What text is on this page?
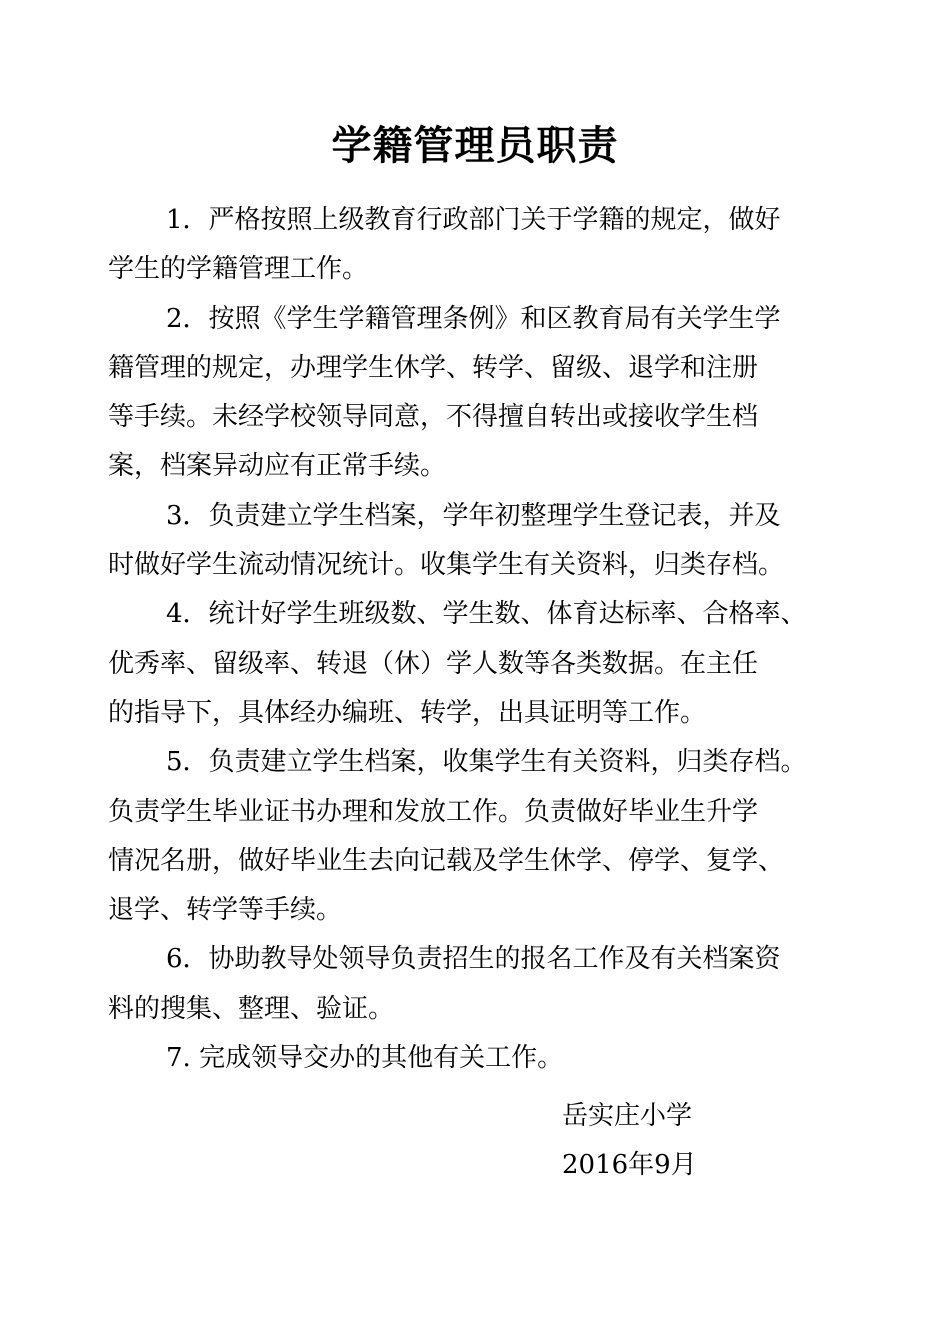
学籍管理员职责

1．严格按照上级教育行政部门关于学籍的规定，做好
学生的学籍管理工作。

2．按照《学生学籍管理条例》和区教育局有关学生学
籍管理的规定，办理学生休学、转学、留级、退学和注册
等手续。未经学校领导同意，不得擅自转出或接收学生档
案，档案异动应有正常手续。

3．负责建立学生档案，学年初整理学生登记表，并及
时做好学生流动情况统计。收集学生有关资料，归类存档。

4．统计好学生班级数、学生数、体育达标率、合格率、
优秀率、留级率、转退（休）学人数等各类数据。在主任
的指导下，具体经办编班、转学，出具证明等工作。

5．负责建立学生档案，收集学生有关资料，归类存档。
负责学生毕业证书办理和发放工作。负责做好毕业生升学
情况名册，做好毕业生去向记载及学生休学、停学、复学、
退学、转学等手续。

6．协助教导处领导负责招生的报名工作及有关档案资
料的搜集、整理、验证。

7. 完成领导交办的其他有关工作。

岳实庄小学
2016年9月
